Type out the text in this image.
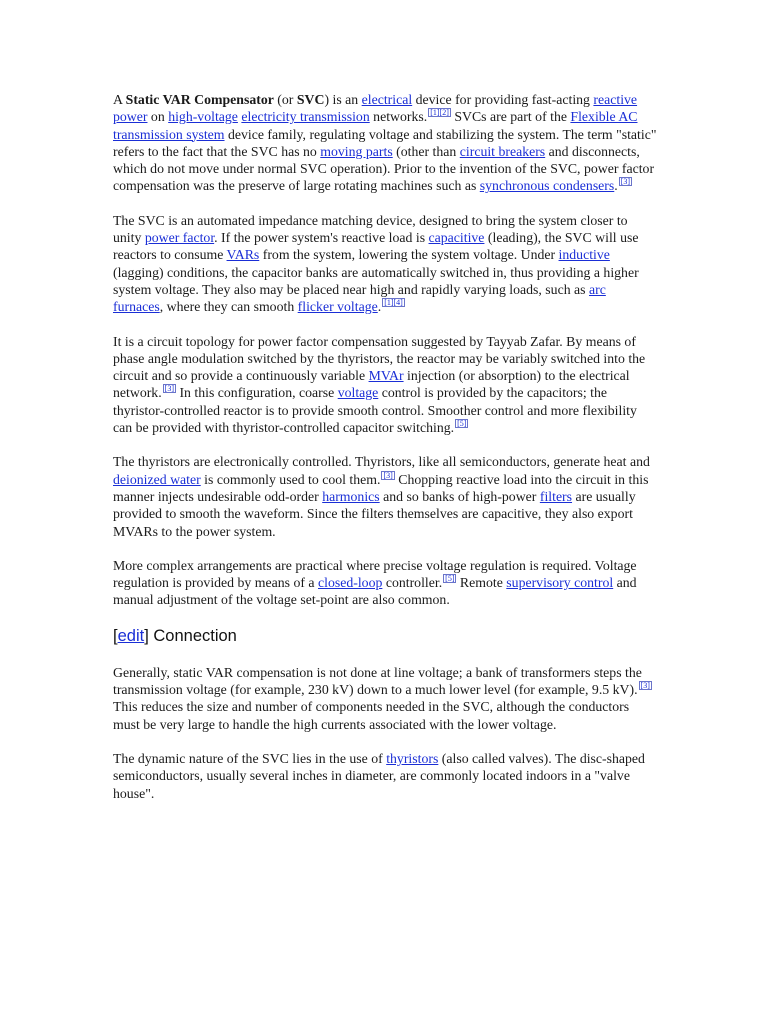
A Static VAR Compensator (or SVC) is an electrical device for providing fast-acting reactive power on high-voltage electricity transmission networks. [1][2] SVCs are part of the Flexible AC transmission system device family, regulating voltage and stabilizing the system. The term "static" refers to the fact that the SVC has no moving parts (other than circuit breakers and disconnects, which do not move under normal SVC operation). Prior to the invention of the SVC, power factor compensation was the preserve of large rotating machines such as synchronous condensers. [3]

The SVC is an automated impedance matching device, designed to bring the system closer to unity power factor. If the power system's reactive load is capacitive (leading), the SVC will use reactors to consume VARs from the system, lowering the system voltage. Under inductive (lagging) conditions, the capacitor banks are automatically switched in, thus providing a higher system voltage. They also may be placed near high and rapidly varying loads, such as arc furnaces, where they can smooth flicker voltage. [1][4]

It is a circuit topology for power factor compensation suggested by Tayyab Zafar. By means of phase angle modulation switched by the thyristors, the reactor may be variably switched into the circuit and so provide a continuously variable MVAr injection (or absorption) to the electrical network. [3] In this configuration, coarse voltage control is provided by the capacitors; the thyristor-controlled reactor is to provide smooth control. Smoother control and more flexibility can be provided with thyristor-controlled capacitor switching. [5]

The thyristors are electronically controlled. Thyristors, like all semiconductors, generate heat and deionized water is commonly used to cool them. [3] Chopping reactive load into the circuit in this manner injects undesirable odd-order harmonics and so banks of high-power filters are usually provided to smooth the waveform. Since the filters themselves are capacitive, they also export MVARs to the power system.

More complex arrangements are practical where precise voltage regulation is required. Voltage regulation is provided by means of a closed-loop controller. [5] Remote supervisory control and manual adjustment of the voltage set-point are also common.

[edit] Connection

Generally, static VAR compensation is not done at line voltage; a bank of transformers steps the transmission voltage (for example, 230 kV) down to a much lower level (for example, 9.5 kV). [3] This reduces the size and number of components needed in the SVC, although the conductors must be very large to handle the high currents associated with the lower voltage.

The dynamic nature of the SVC lies in the use of thyristors (also called valves). The disc-shaped semiconductors, usually several inches in diameter, are commonly located indoors in a "valve house".
